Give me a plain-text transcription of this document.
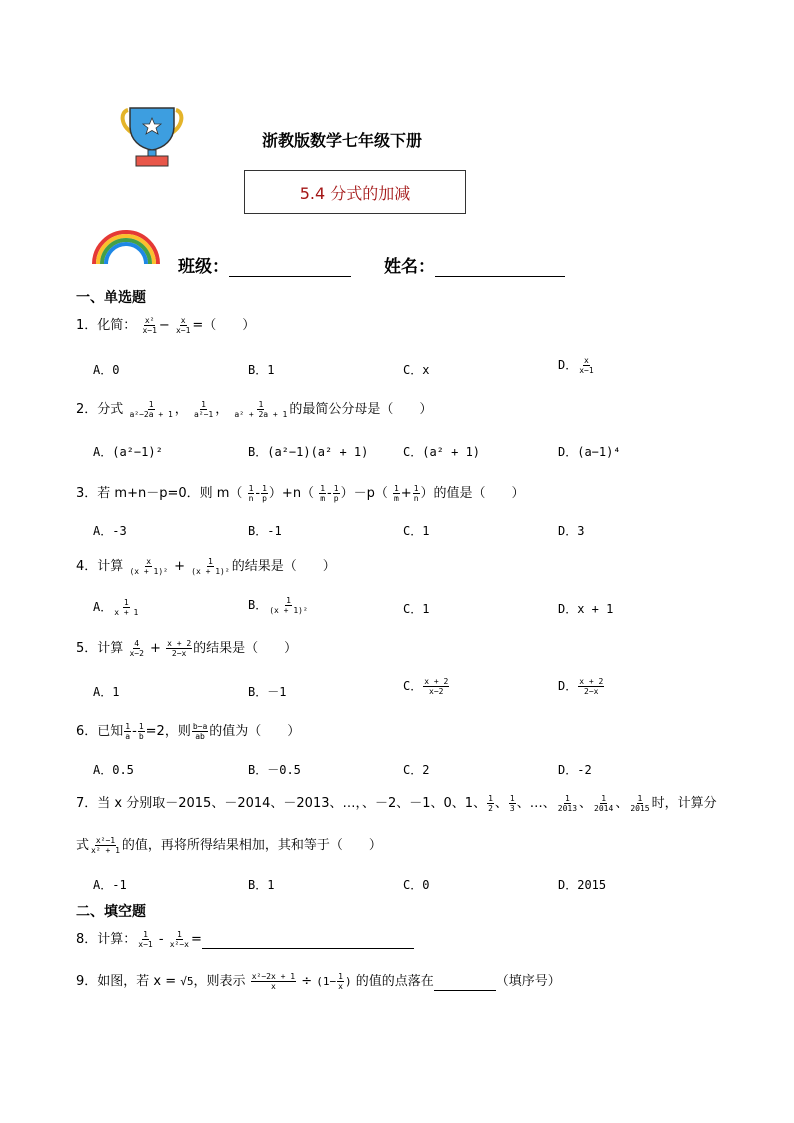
浙教版数学七年级下册
5.4 分式的加减
班级：	姓名：
一、单选题
1．化简： $\frac{\text{x²}}{x-1} - \frac{x}{x-1}$ =（　　）
A．0	B．1	C．x	D． $\frac{x}{x-1}$
2．分式 $\frac{1}{\text{a²−2a + 1}}$ ， $\frac{1}{\text{a²−1}}$ ， $\frac{1}{\text{a² + 2a + 1}}$ 的最简公分母是（　　）
A．(a²−1)²	B．(a²−1)(a² + 1)	C．(a² + 1)	D．(a−1)⁴
3．若 m+n－p=0．则 $m( \frac{1}{n} - \frac{1}{p} )+n( \frac{1}{m} - \frac{1}{p} )-p( \frac{1}{m} + \frac{1}{n}$ ）的值是（　　）
A．-3	B．-1	C．1	D．3
4．计算 $\frac{x}{\text{(x + 1)²}} + \frac{1}{\text{(x + 1)²}}$ 的结果是（　　）
A． $\frac{1}{x + 1}$	B． $\frac{1}{\text{(x + 1)²}}$	C．1	D．x + 1
5．计算 $\frac{4}{x-2} + \frac{x + 2}{2-x}$ 的结果是（　　）
A．1	B．－1	C． $\frac{x + 2}{x-2}$	D． $\frac{x + 2}{2-x}$
6．已知 $\frac{1}{a} - \frac{1}{b} =2$，则 $\frac{b-a}{ab}$ 的值为（　　）
A．0.5	B．－0.5	C．2	D．-2
7．当 x 分别取－2015、－2014、－2013、…，、－2、－1、0、1、 $\frac{1}{2}$ 、 $\frac{1}{3}$ 、…、 $\frac{1}{2013}$ 、 $\frac{1}{2014}$ 、 $\frac{1}{2015}$ 时，计算分
式 $\frac{\text{x²−1}}{\text{x² + 1}}$ 的值，再将所得结果相加，其和等于（　　）
A．-1	B．1	C．0	D．2015
二、填空题
8．计算： $\frac{1}{x-1} - \frac{1}{\text{x²−x}}$ =
9．如图，若 x = √5，则表示 $\frac{\text{x²−2x + 1}}{x} \div (1- \frac{1}{x}$ ) 的值的点落在	（填序号）
